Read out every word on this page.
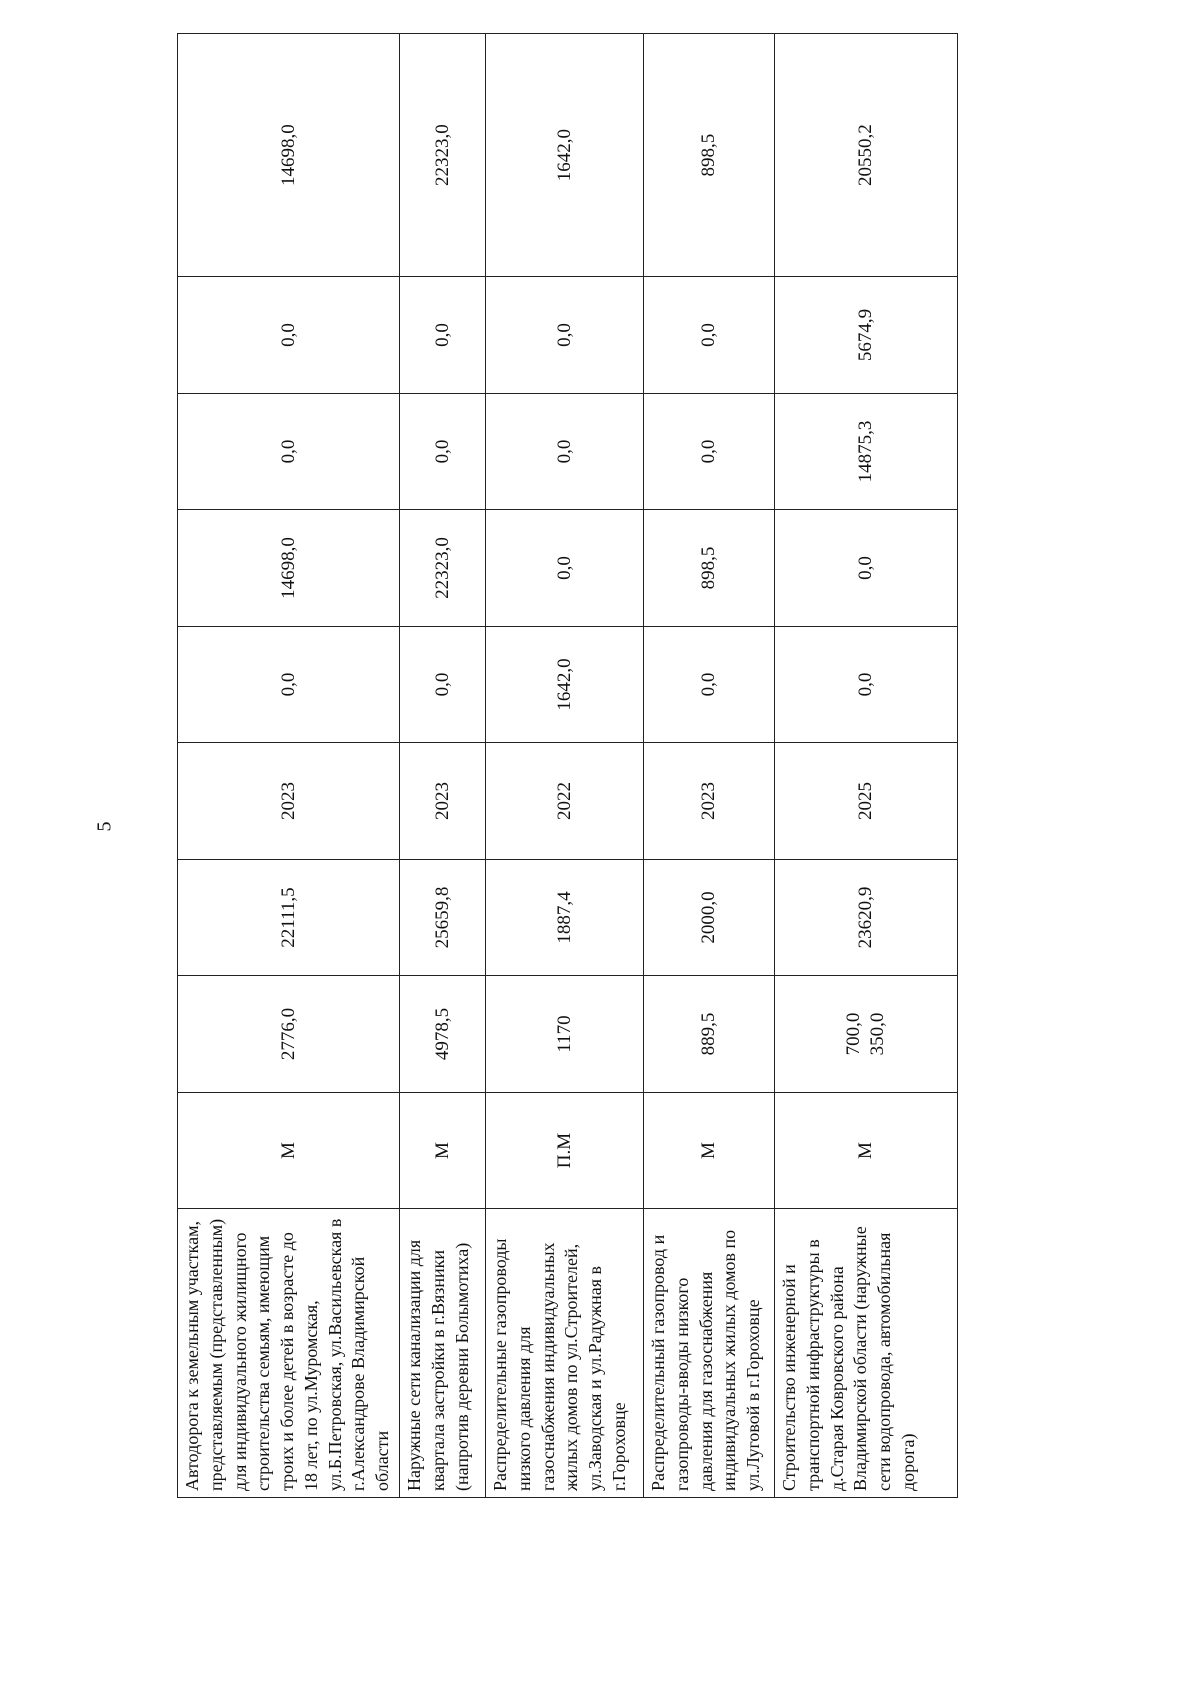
5
Автодорога к земельным участкам, представляемым (представленным) для индивидуального жилищного строительства семьям, имеющим троих и более детей в возрасте до 18 лет, по ул.Муромская, ул.Б.Петровская, ул.Васильевская в г.Александрове Владимирской области	М	2776,0	22111,5	2023	0,0	14698,0	0,0	0,0	14698,0
Наружные сети канализации для квартала застройки в г.Вязники (напротив деревни Болымотиха)	М	4978,5	25659,8	2023	0,0	22323,0	0,0	0,0	22323,0
Распределительные газопроводы низкого давления для газоснабжения индивидуальных жилых домов по ул.Строителей, ул.Заводская и ул.Радужная в г.Гороховце	П.М	1170	1887,4	2022	1642,0	0,0	0,0	0,0	1642,0
Распределительный газопровод и газопроводы-вводы низкого давления для газоснабжения индивидуальных жилых домов по ул.Луговой в г.Гороховце	М	889,5	2000,0	2023	0,0	898,5	0,0	0,0	898,5
Строительство инженерной и транспортной инфраструктуры в д.Старая Ковровского района Владимирской области (наружные сети водопровода, автомобильная дорога)	М	700,0 350,0	23620,9	2025	0,0	0,0	14875,3	5674,9	20550,2
